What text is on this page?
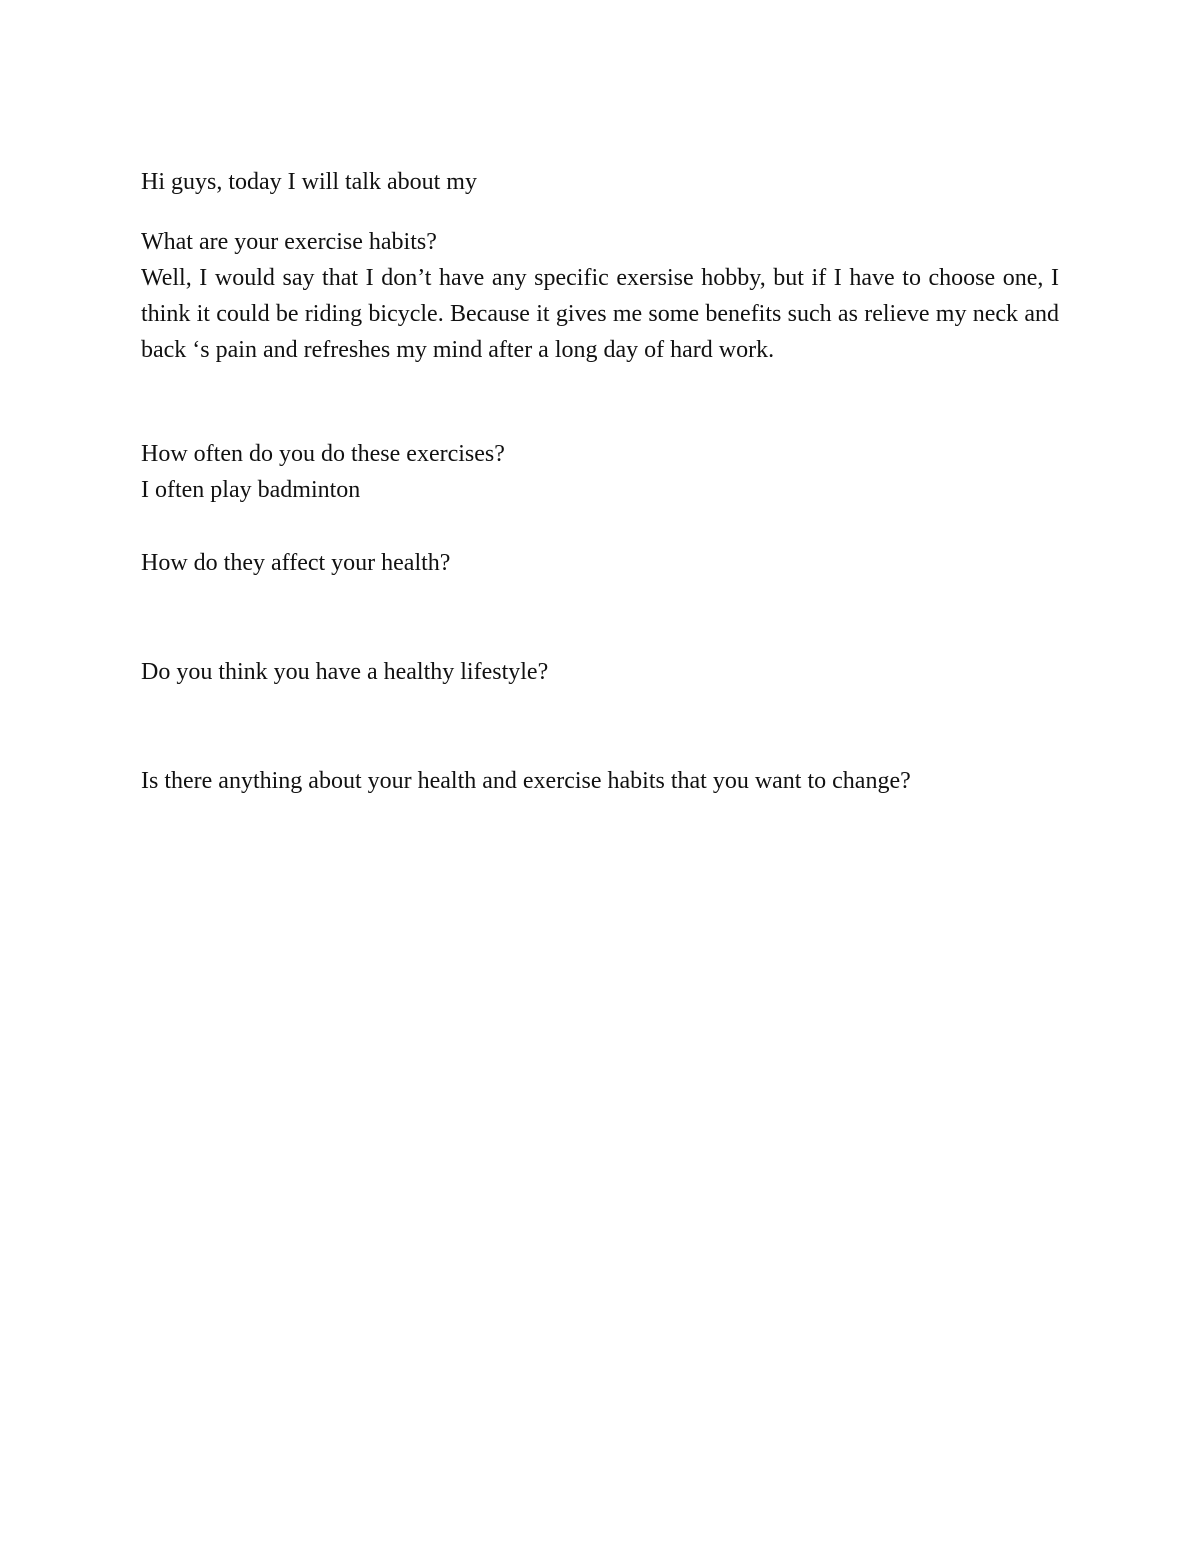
Hi guys, today I will talk about my

What are your exercise habits?

Well, I would say that I don’t have any specific exersise hobby, but if I have to choose one, I think it could be riding bicycle. Because it gives me some benefits such as relieve my neck and back ‘s pain and refreshes my mind after a long day of hard work.

How often do you do these exercises?

I often play badminton

How do they affect your health?

Do you think you have a healthy lifestyle?

Is there anything about your health and exercise habits that you want to change?
